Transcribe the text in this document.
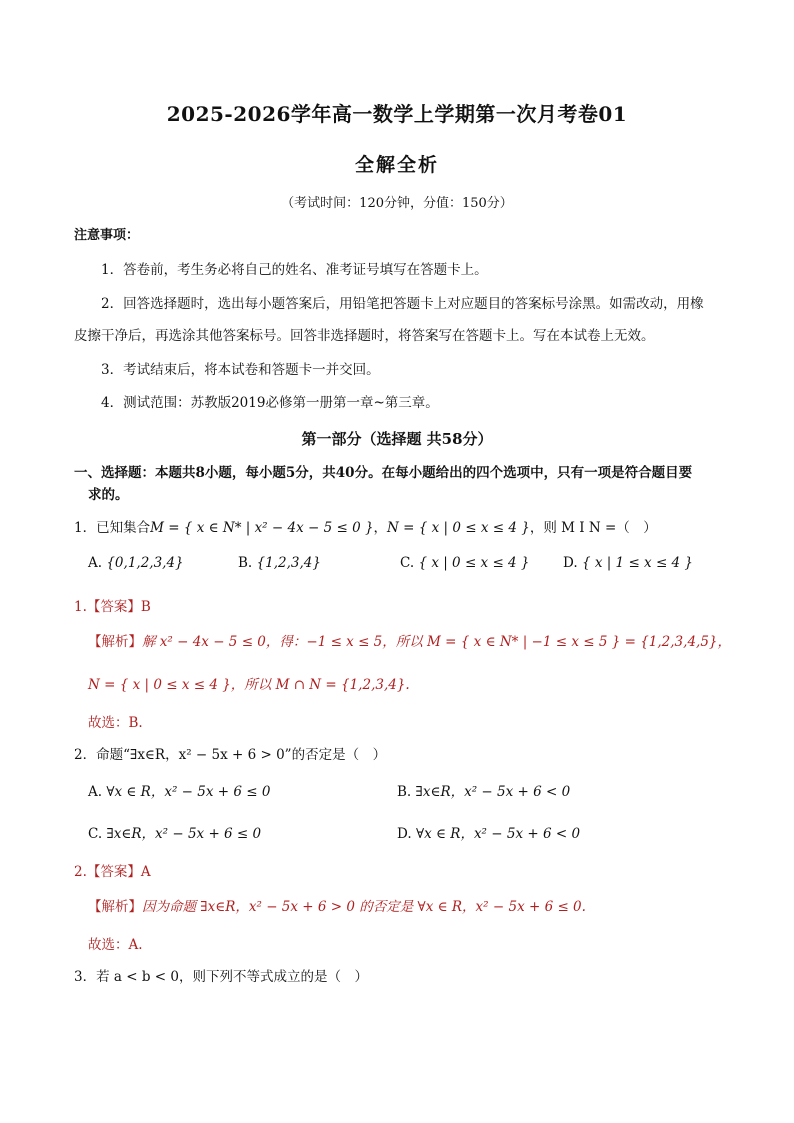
2025-2026学年高一数学上学期第一次月考卷01
全解全析
（考试时间：120分钟，分值：150分）
注意事项：
1．答卷前，考生务必将自己的姓名、准考证号填写在答题卡上。
2．回答选择题时，选出每小题答案后，用铅笔把答题卡上对应题目的答案标号涂黑。如需改动，用橡
皮擦干净后，再选涂其他答案标号。回答非选择题时，将答案写在答题卡上。写在本试卷上无效。
3．考试结束后，将本试卷和答题卡一并交回。
4．测试范围：苏教版2019必修第一册第一章~第三章。
第一部分（选择题 共58分）
一、选择题：本题共8小题，每小题5分，共40分。在每小题给出的四个选项中，只有一项是符合题目要
求的。
1．已知集合M = { x ∈ N* | x² − 4x − 5 ≤ 0 }，N = { x | 0 ≤ x ≤ 4 }，则 M I N =（　）
A. {0,1,2,3,4}	B. {1,2,3,4}	C. { x | 0 ≤ x ≤ 4 } D. { x | 1 ≤ x ≤ 4 }
1.【答案】B
【解析】解 x² − 4x − 5 ≤ 0，得：−1 ≤ x ≤ 5，所以 M = { x ∈ N* | −1 ≤ x ≤ 5 } = {1,2,3,4,5}，
N = { x | 0 ≤ x ≤ 4 }，所以 M ∩ N = {1,2,3,4}.
故选：B.
2．命题“∃x∈R，x² − 5x + 6 > 0”的否定是（　）
A. ∀x ∈ R，x² − 5x + 6 ≤ 0	B. ∃x∈R，x² − 5x + 6 < 0
C. ∃x∈R，x² − 5x + 6 ≤ 0	D. ∀x ∈ R，x² − 5x + 6 < 0
2.【答案】A
【解析】因为命题 ∃x∈R，x² − 5x + 6 > 0 的否定是 ∀x ∈ R，x² − 5x + 6 ≤ 0.
故选：A.
3．若 a < b < 0，则下列不等式成立的是（　）
